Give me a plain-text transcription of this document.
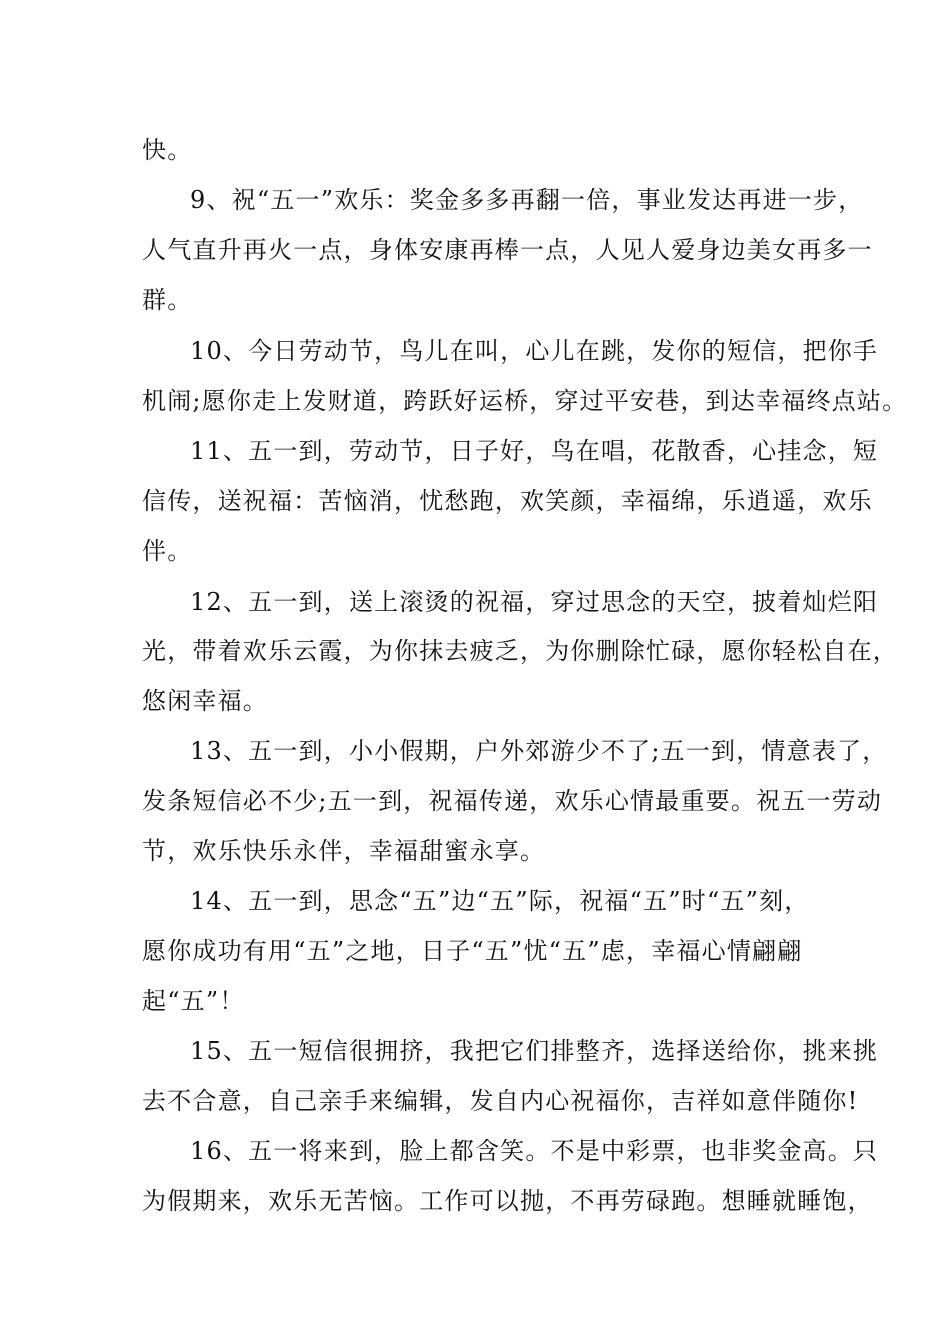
快。

9、祝“五一”欢乐：奖金多多再翻一倍，事业发达再进一步，

人气直升再火一点，身体安康再棒一点，人见人爱身边美女再多一

群。

10、今日劳动节，鸟儿在叫，心儿在跳，发你的短信，把你手

机闹;愿你走上发财道，跨跃好运桥，穿过平安巷，到达幸福终点站。

11、五一到，劳动节，日子好，鸟在唱，花散香，心挂念，短

信传，送祝福：苦恼消，忧愁跑，欢笑颜，幸福绵，乐逍遥，欢乐

伴。

12、五一到，送上滚烫的祝福，穿过思念的天空，披着灿烂阳

光，带着欢乐云霞，为你抹去疲乏，为你删除忙碌，愿你轻松自在，

悠闲幸福。

13、五一到，小小假期，户外郊游少不了;五一到，情意表了，

发条短信必不少;五一到，祝福传递，欢乐心情最重要。祝五一劳动

节，欢乐快乐永伴，幸福甜蜜永享。

14、五一到，思念“五”边“五”际，祝福“五”时“五”刻，

愿你成功有用“五”之地，日子“五”忧“五”虑，幸福心情翩翩

起“五”！

15、五一短信很拥挤，我把它们排整齐，选择送给你，挑来挑

去不合意，自己亲手来编辑，发自内心祝福你，吉祥如意伴随你!

16、五一将来到，脸上都含笑。不是中彩票，也非奖金高。只

为假期来，欢乐无苦恼。工作可以抛，不再劳碌跑。想睡就睡饱，
